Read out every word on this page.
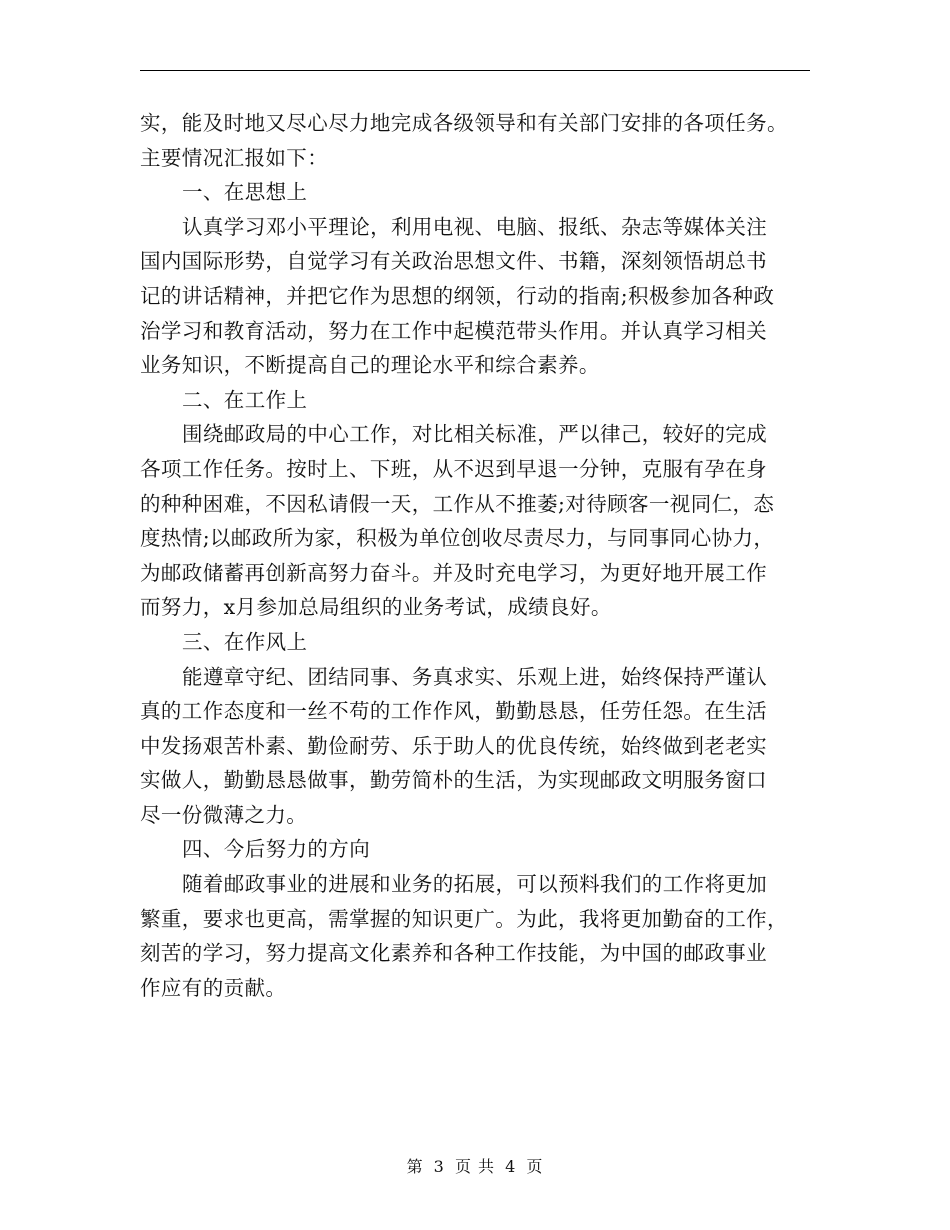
实，能及时地又尽心尽力地完成各级领导和有关部门安排的各项任务。
主要情况汇报如下：
一、在思想上
认真学习邓小平理论，利用电视、电脑、报纸、杂志等媒体关注
国内国际形势，自觉学习有关政治思想文件、书籍，深刻领悟胡总书
记的讲话精神，并把它作为思想的纲领，行动的指南;积极参加各种政
治学习和教育活动，努力在工作中起模范带头作用。并认真学习相关
业务知识，不断提高自己的理论水平和综合素养。
二、在工作上
围绕邮政局的中心工作，对比相关标准，严以律己，较好的完成
各项工作任务。按时上、下班，从不迟到早退一分钟，克服有孕在身
的种种困难，不因私请假一天，工作从不推萎;对待顾客一视同仁，态
度热情;以邮政所为家，积极为单位创收尽责尽力，与同事同心协力，
为邮政储蓄再创新高努力奋斗。并及时充电学习，为更好地开展工作
而努力，x月参加总局组织的业务考试，成绩良好。
三、在作风上
能遵章守纪、团结同事、务真求实、乐观上进，始终保持严谨认
真的工作态度和一丝不苟的工作作风，勤勤恳恳，任劳任怨。在生活
中发扬艰苦朴素、勤俭耐劳、乐于助人的优良传统，始终做到老老实
实做人，勤勤恳恳做事，勤劳简朴的生活，为实现邮政文明服务窗口
尽一份微薄之力。
四、今后努力的方向
随着邮政事业的进展和业务的拓展，可以预料我们的工作将更加
繁重，要求也更高，需掌握的知识更广。为此，我将更加勤奋的工作，
刻苦的学习，努力提高文化素养和各种工作技能，为中国的邮政事业
作应有的贡献。
第 3 页 共 4 页
